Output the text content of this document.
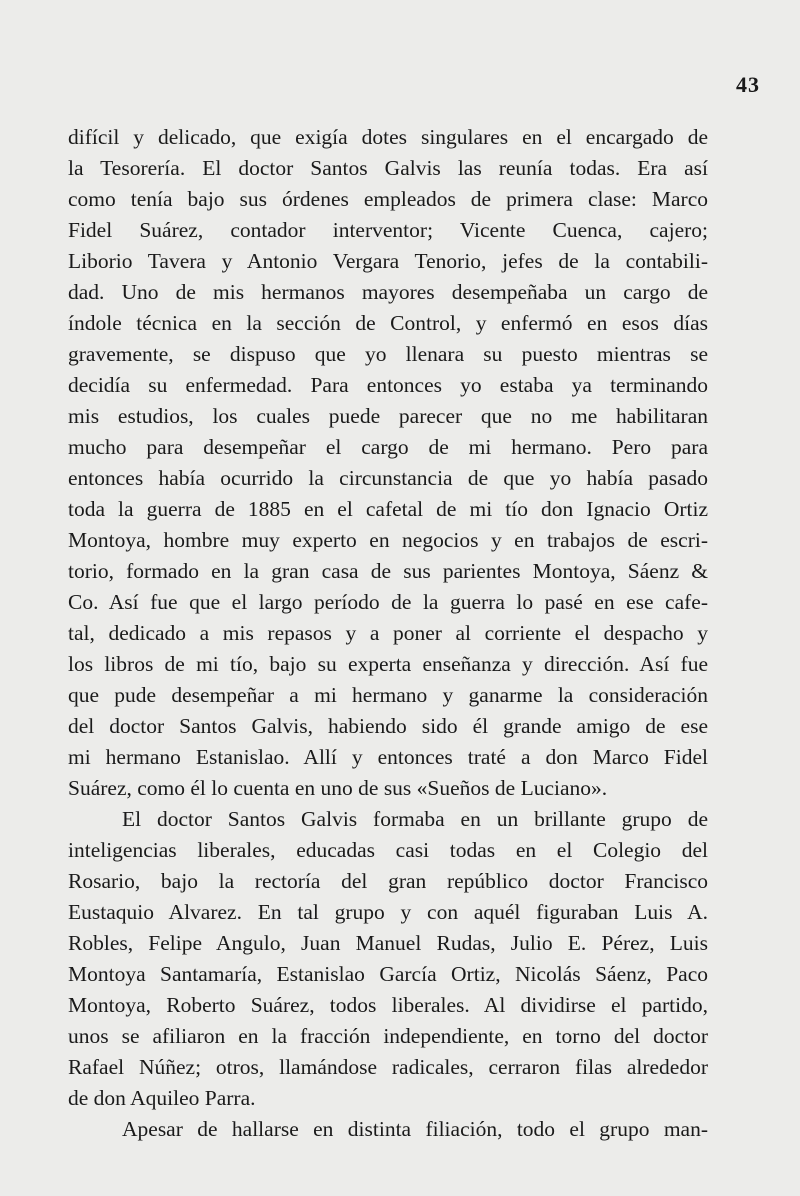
43
difícil y delicado, que exigía dotes singulares en el encargado de
la Tesorería. El doctor Santos Galvis las reunía todas. Era así
como tenía bajo sus órdenes empleados de primera clase: Marco
Fidel Suárez, contador interventor; Vicente Cuenca, cajero;
Liborio Tavera y Antonio Vergara Tenorio, jefes de la contabili-
dad. Uno de mis hermanos mayores desempeñaba un cargo de
índole técnica en la sección de Control, y enfermó en esos días
gravemente, se dispuso que yo llenara su puesto mientras se
decidía su enfermedad. Para entonces yo estaba ya terminando
mis estudios, los cuales puede parecer que no me habilitaran
mucho para desempeñar el cargo de mi hermano. Pero para
entonces había ocurrido la circunstancia de que yo había pasado
toda la guerra de 1885 en el cafetal de mi tío don Ignacio Ortiz
Montoya, hombre muy experto en negocios y en trabajos de escri-
torio, formado en la gran casa de sus parientes Montoya, Sáenz &
Co. Así fue que el largo período de la guerra lo pasé en ese cafe-
tal, dedicado a mis repasos y a poner al corriente el despacho y
los libros de mi tío, bajo su experta enseñanza y dirección. Así fue
que pude desempeñar a mi hermano y ganarme la consideración
del doctor Santos Galvis, habiendo sido él grande amigo de ese
mi hermano Estanislao. Allí y entonces traté a don Marco Fidel
Suárez, como él lo cuenta en uno de sus «Sueños de Luciano».
El doctor Santos Galvis formaba en un brillante grupo de
inteligencias liberales, educadas casi todas en el Colegio del
Rosario, bajo la rectoría del gran repúblico doctor Francisco
Eustaquio Alvarez. En tal grupo y con aquél figuraban Luis A.
Robles, Felipe Angulo, Juan Manuel Rudas, Julio E. Pérez, Luis
Montoya Santamaría, Estanislao García Ortiz, Nicolás Sáenz, Paco
Montoya, Roberto Suárez, todos liberales. Al dividirse el partido,
unos se afiliaron en la fracción independiente, en torno del doctor
Rafael Núñez; otros, llamándose radicales, cerraron filas alrededor
de don Aquileo Parra.
Apesar de hallarse en distinta filiación, todo el grupo man-
